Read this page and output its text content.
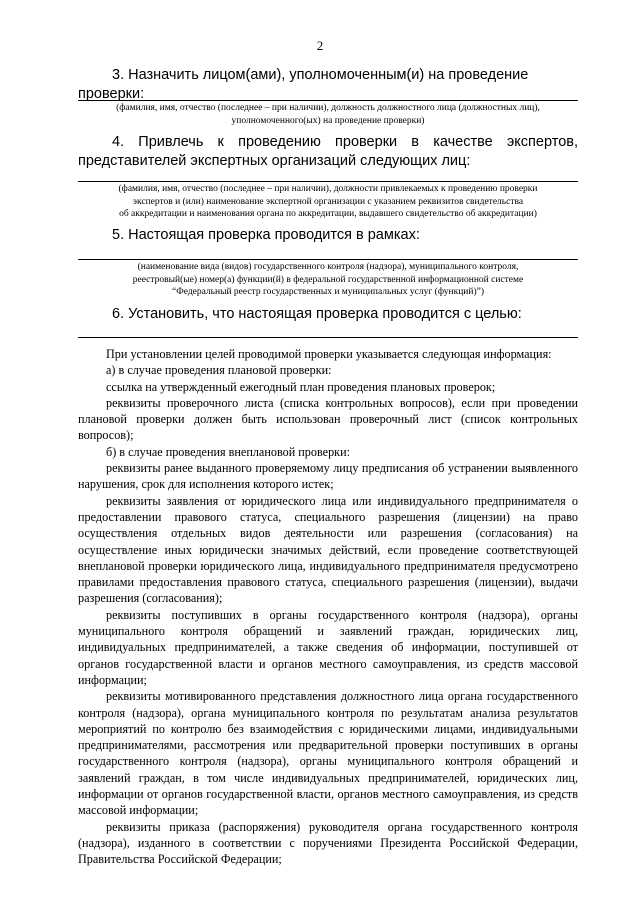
2
3. Назначить лицом(ами), уполномоченным(и) на проведение проверки:
(фамилия, имя, отчество (последнее – при наличии), должность должностного лица (должностных лиц),
уполномоченного(ых) на проведение проверки)
4. Привлечь к проведению проверки в качестве экспертов,
представителей экспертных организаций следующих лиц:
(фамилия, имя, отчество (последнее – при наличии), должности привлекаемых к проведению проверки
экспертов и (или) наименование экспертной организации с указанием реквизитов свидетельства
об аккредитации и наименования органа по аккредитации, выдавшего свидетельство об аккредитации)
5. Настоящая проверка проводится в рамках:
(наименование вида (видов) государственного контроля (надзора), муниципального контроля,
реестровый(ые) номер(а) функции(й) в федеральной государственной информационной системе
“Федеральный реестр государственных и муниципальных услуг (функций)”)
6. Установить, что настоящая проверка проводится с целью:

При установлении целей проводимой проверки указывается следующая информация:

а) в случае проведения плановой проверки:

ссылка на утвержденный ежегодный план проведения плановых проверок;

реквизиты проверочного листа (списка контрольных вопросов), если при проведении плановой проверки должен быть использован проверочный лист (список контрольных вопросов);

б) в случае проведения внеплановой проверки:

реквизиты ранее выданного проверяемому лицу предписания об устранении выявленного нарушения, срок для исполнения которого истек;

реквизиты заявления от юридического лица или индивидуального предпринимателя о предоставлении правового статуса, специального разрешения (лицензии) на право осуществления отдельных видов деятельности или разрешения (согласования) на осуществление иных юридически значимых действий, если проведение соответствующей внеплановой проверки юридического лица, индивидуального предпринимателя предусмотрено правилами предоставления правового статуса, специального разрешения (лицензии), выдачи разрешения (согласования);

реквизиты поступивших в органы государственного контроля (надзора), органы муниципального контроля обращений и заявлений граждан, юридических лиц, индивидуальных предпринимателей, а также сведения об информации, поступившей от органов государственной власти и органов местного самоуправления, из средств массовой информации;

реквизиты мотивированного представления должностного лица органа государственного контроля (надзора), органа муниципального контроля по результатам анализа результатов мероприятий по контролю без взаимодействия с юридическими лицами, индивидуальными предпринимателями, рассмотрения или предварительной проверки поступивших в органы государственного контроля (надзора), органы муниципального контроля обращений и заявлений граждан, в том числе индивидуальных предпринимателей, юридических лиц, информации от органов государственной власти, органов местного самоуправления, из средств массовой информации;

реквизиты приказа (распоряжения) руководителя органа государственного контроля (надзора), изданного в соответствии с поручениями Президента Российской Федерации, Правительства Российской Федерации;
